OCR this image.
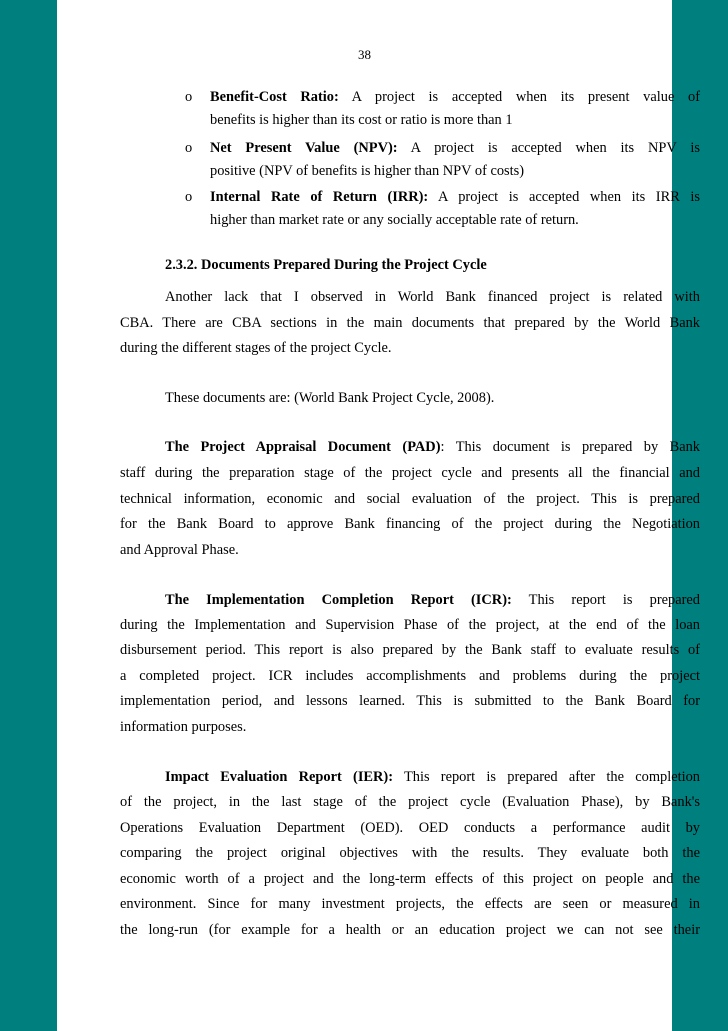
38
o Benefit-Cost Ratio: A project is accepted when its present value of
benefits is higher than its cost or ratio is more than 1
o Net Present Value (NPV): A project is accepted when its NPV is
positive (NPV of benefits is higher than NPV of costs)
o Internal Rate of Return (IRR): A project is accepted when its IRR is
higher than market rate or any socially acceptable rate of return.
2.3.2. Documents Prepared During the Project Cycle
Another lack that I observed in World Bank financed project is related with
CBA. There are CBA sections in the main documents that prepared by the World Bank
during the different stages of the project Cycle.
These documents are: (World Bank Project Cycle, 2008).
The Project Appraisal Document (PAD): This document is prepared by Bank
staff during the preparation stage of the project cycle and presents all the financial and
technical information, economic and social evaluation of the project. This is prepared
for the Bank Board to approve Bank financing of the project during the Negotiation
and Approval Phase.
The Implementation Completion Report (ICR): This report is prepared
during the Implementation and Supervision Phase of the project, at the end of the loan
disbursement period. This report is also prepared by the Bank staff to evaluate results of
a completed project. ICR includes accomplishments and problems during the project
implementation period, and lessons learned. This is submitted to the Bank Board for
information purposes.
Impact Evaluation Report (IER): This report is prepared after the completion
of the project, in the last stage of the project cycle (Evaluation Phase), by Bank's
Operations Evaluation Department (OED). OED conducts a performance audit by
comparing the project original objectives with the results. They evaluate both the
economic worth of a project and the long-term effects of this project on people and the
environment. Since for many investment projects, the effects are seen or measured in
the long-run (for example for a health or an education project we can not see their
